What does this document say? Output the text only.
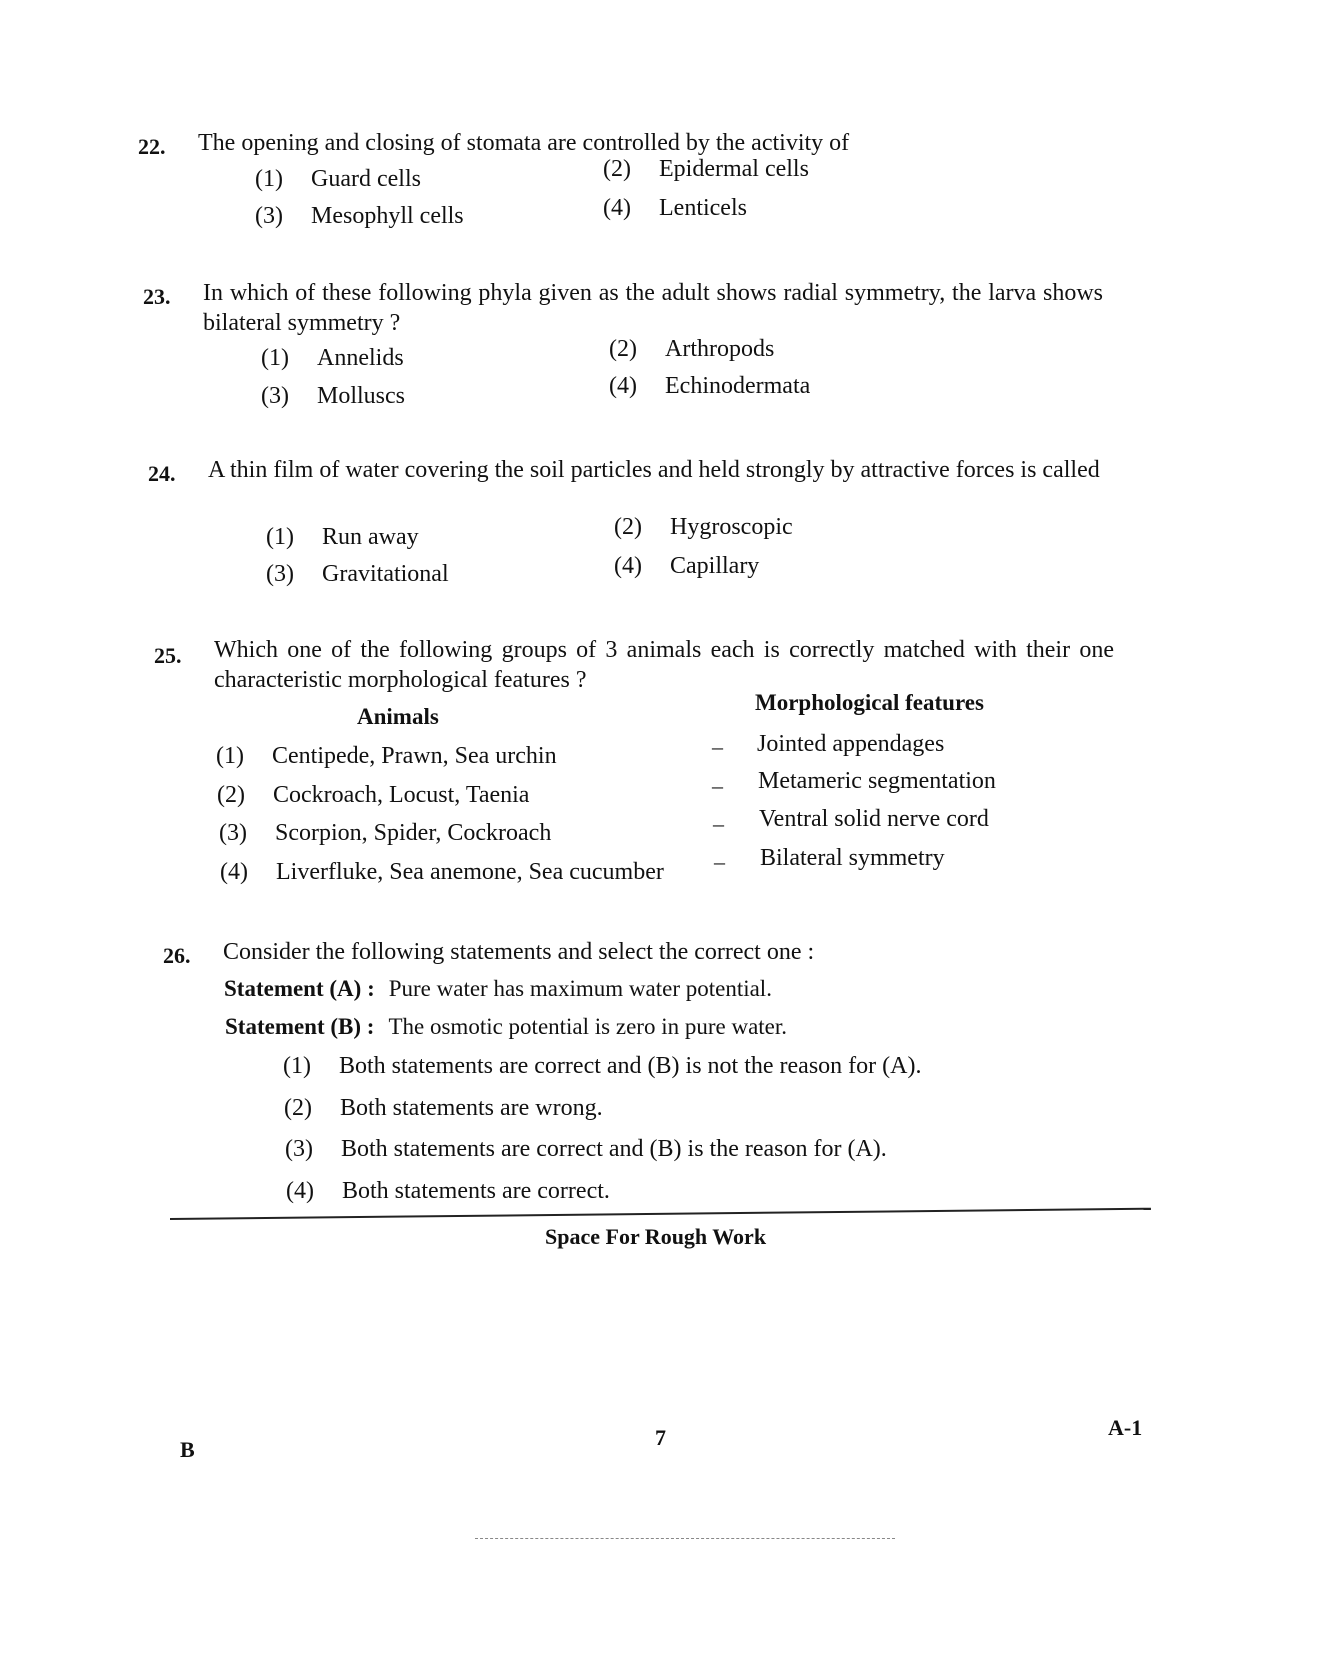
22. The opening and closing of stomata are controlled by the activity of
(1) Guard cells	(2) Epidermal cells
(3) Mesophyll cells	(4) Lenticels
23. In which of these following phyla given as the adult shows radial symmetry, the larva shows bilateral symmetry ?
(1) Annelids	(2) Arthropods
(3) Molluscs	(4) Echinodermata
24. A thin film of water covering the soil particles and held strongly by attractive forces is called
(1) Run away	(2) Hygroscopic
(3) Gravitational	(4) Capillary
25. Which one of the following groups of 3 animals each is correctly matched with their one characteristic morphological features ?
Animals
Morphological features
(1) Centipede, Prawn, Sea urchin	– Jointed appendages
(2) Cockroach, Locust, Taenia	– Metameric segmentation
(3) Scorpion, Spider, Cockroach	– Ventral solid nerve cord
(4) Liverfluke, Sea anemone, Sea cucumber – Bilateral symmetry
26. Consider the following statements and select the correct one :
Statement (A) : Pure water has maximum water potential.
Statement (B) : The osmotic potential is zero in pure water.
(1) Both statements are correct and (B) is not the reason for (A).
(2) Both statements are wrong.
(3) Both statements are correct and (B) is the reason for (A).
(4) Both statements are correct.
Space For Rough Work
B	7	A-1
